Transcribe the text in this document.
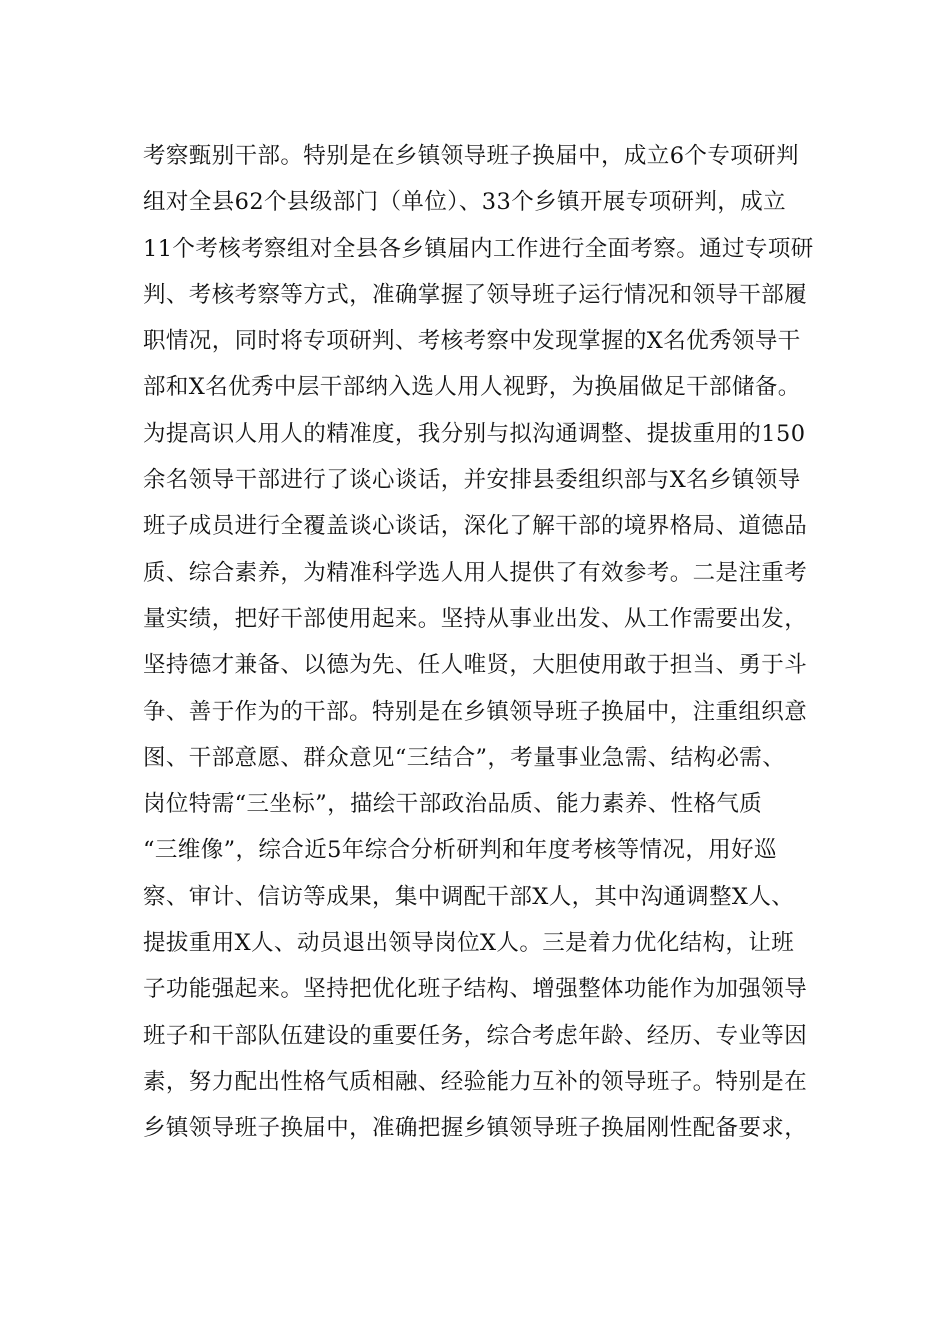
考察甄别干部。特别是在乡镇领导班子换届中，成立6个专项研判
组对全县62个县级部门（单位）、33个乡镇开展专项研判，成立
11个考核考察组对全县各乡镇届内工作进行全面考察。通过专项研
判、考核考察等方式，准确掌握了领导班子运行情况和领导干部履
职情况，同时将专项研判、考核考察中发现掌握的X名优秀领导干
部和X名优秀中层干部纳入选人用人视野，为换届做足干部储备。
为提高识人用人的精准度，我分别与拟沟通调整、提拔重用的150
余名领导干部进行了谈心谈话，并安排县委组织部与X名乡镇领导
班子成员进行全覆盖谈心谈话，深化了解干部的境界格局、道德品
质、综合素养，为精准科学选人用人提供了有效参考。二是注重考
量实绩，把好干部使用起来。坚持从事业出发、从工作需要出发，
坚持德才兼备、以德为先、任人唯贤，大胆使用敢于担当、勇于斗
争、善于作为的干部。特别是在乡镇领导班子换届中，注重组织意
图、干部意愿、群众意见“三结合”，考量事业急需、结构必需、
岗位特需“三坐标”，描绘干部政治品质、能力素养、性格气质
“三维像”，综合近5年综合分析研判和年度考核等情况，用好巡
察、审计、信访等成果，集中调配干部X人，其中沟通调整X人、
提拔重用X人、动员退出领导岗位X人。三是着力优化结构，让班
子功能强起来。坚持把优化班子结构、增强整体功能作为加强领导
班子和干部队伍建设的重要任务，综合考虑年龄、经历、专业等因
素，努力配出性格气质相融、经验能力互补的领导班子。特别是在
乡镇领导班子换届中，准确把握乡镇领导班子换届刚性配备要求，
